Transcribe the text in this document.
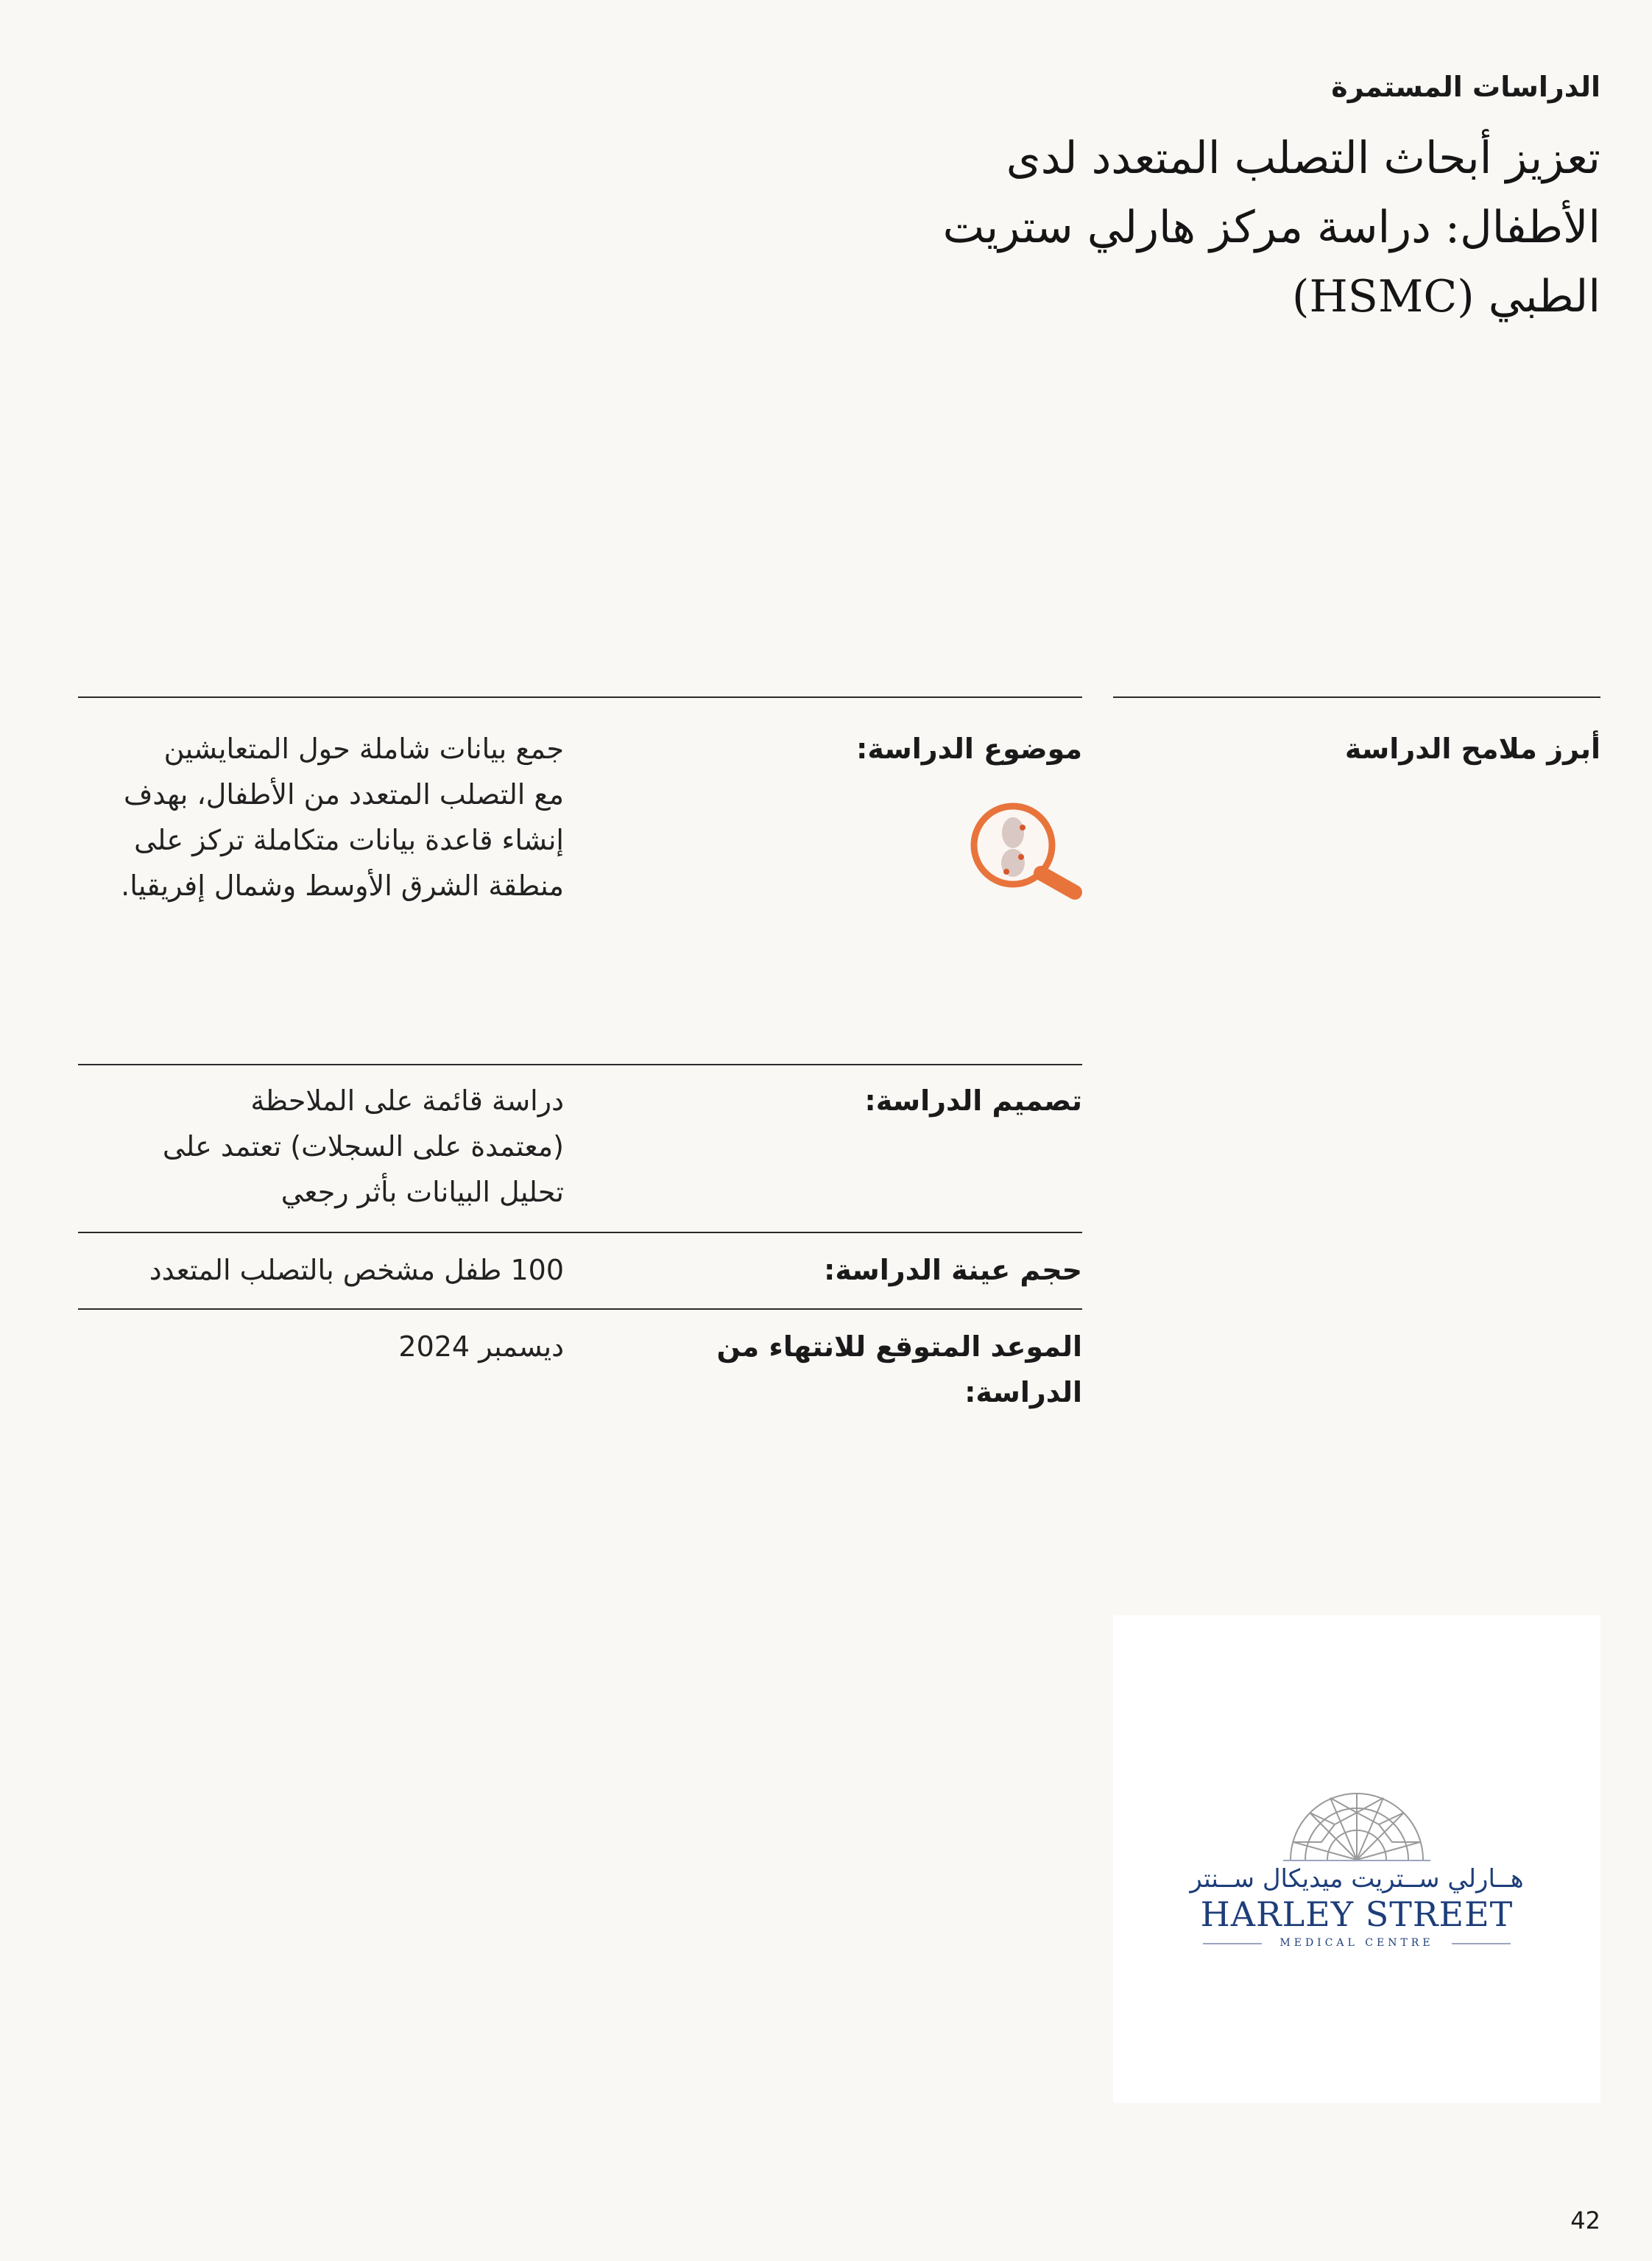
الدراسات المستمرة
تعزيز أبحاث التصلب المتعدد لدى
الأطفال: دراسة مركز هارلي ستريت
الطبي (HSMC)
أبرز ملامح الدراسة
موضوع الدراسة:
جمع بيانات شاملة حول المتعايشين
مع التصلب المتعدد من الأطفال، بهدف
إنشاء قاعدة بيانات متكاملة تركز على
منطقة الشرق الأوسط وشمال إفريقيا.
تصميم الدراسة:
دراسة قائمة على الملاحظة
(معتمدة على السجلات) تعتمد على
تحليل البيانات بأثر رجعي
حجم عينة الدراسة:
100 طفل مشخص بالتصلب المتعدد
الموعد المتوقع للانتهاء من الدراسة:
ديسمبر 2024
هــارلي ســتريت ميديكال ســنتر
HARLEY STREET
MEDICAL CENTRE
42
